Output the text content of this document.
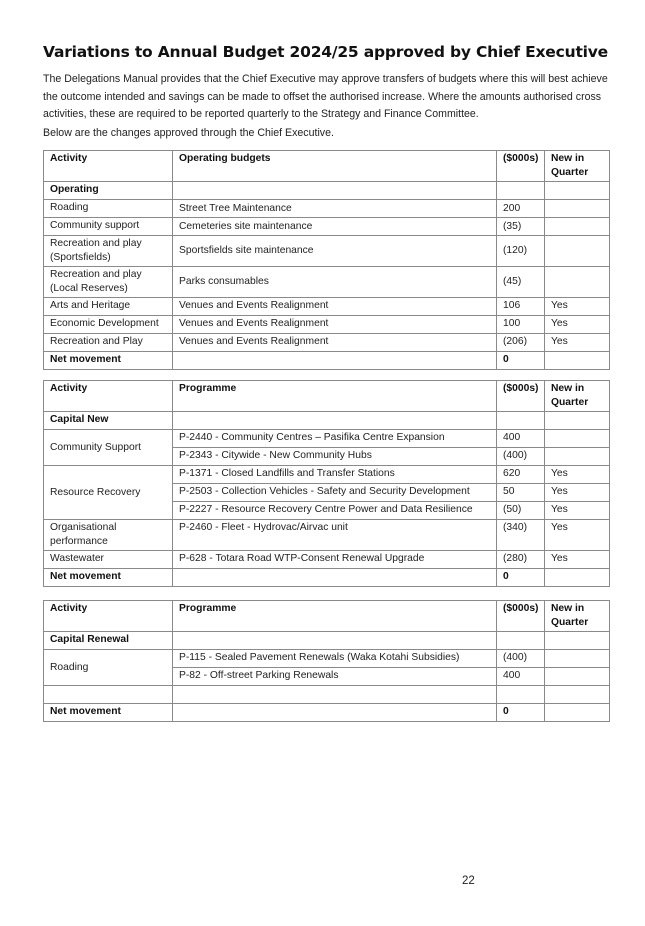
Variations to Annual Budget 2024/25 approved by Chief Executive

The Delegations Manual provides that the Chief Executive may approve transfers of budgets where this will best achieve the outcome intended and savings can be made to offset the authorised increase. Where the amounts authorised cross activities, these are required to be reported quarterly to the Strategy and Finance Committee.

Below are the changes approved through the Chief Executive.

Activity	Operating budgets	($000s)	New in Quarter
Operating			
Roading	Street Tree Maintenance	200	
Community support	Cemeteries site maintenance	(35)	
Recreation and play (Sportsfields)	Sportsfields site maintenance	(120)	
Recreation and play (Local Reserves)	Parks consumables	(45)	
Arts and Heritage	Venues and Events Realignment	106	Yes
Economic Development	Venues and Events Realignment	100	Yes
Recreation and Play	Venues and Events Realignment	(206)	Yes
Net movement		0	
Activity	Programme	($000s)	New in Quarter
Capital New			
Community Support	P-2440 - Community Centres – Pasifika Centre Expansion	400	
	P-2343 - Citywide - New Community Hubs	(400)	
Resource Recovery	P-1371 - Closed Landfills and Transfer Stations	620	Yes
	P-2503 - Collection Vehicles - Safety and Security Development	50	Yes
	P-2227 - Resource Recovery Centre Power and Data Resilience	(50)	Yes
Organisational performance	P-2460 - Fleet - Hydrovac/Airvac unit	(340)	Yes
Wastewater	P-628 - Totara Road WTP-Consent Renewal Upgrade	(280)	Yes
Net movement		0	
Activity	Programme	($000s)	New in Quarter
Capital Renewal			
Roading	P-115 - Sealed Pavement Renewals (Waka Kotahi Subsidies)	(400)	
	P-82 - Off-street Parking Renewals	400	

Net movement		0	
22
